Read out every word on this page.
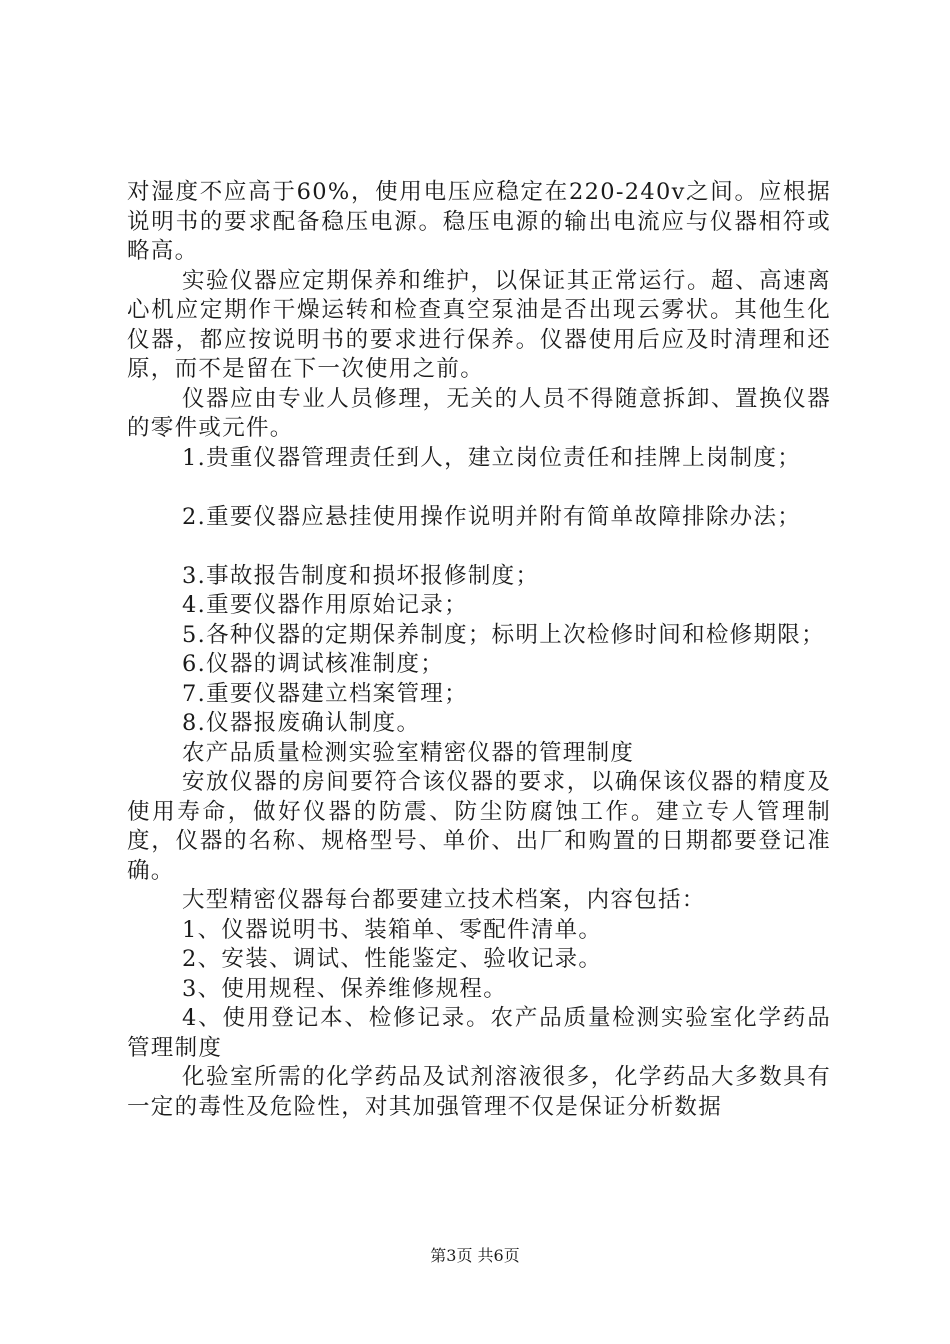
对湿度不应高于60%，使用电压应稳定在220-240v之间。应根据说明书的要求配备稳压电源。稳压电源的输出电流应与仪器相符或略高。

实验仪器应定期保养和维护，以保证其正常运行。超、高速离心机应定期作干燥运转和检查真空泵油是否出现云雾状。其他生化仪器，都应按说明书的要求进行保养。仪器使用后应及时清理和还原，而不是留在下一次使用之前。

仪器应由专业人员修理，无关的人员不得随意拆卸、置换仪器的零件或元件。

1.贵重仪器管理责任到人，建立岗位责任和挂牌上岗制度；

2.重要仪器应悬挂使用操作说明并附有简单故障排除办法；

3.事故报告制度和损坏报修制度；

4.重要仪器作用原始记录；

5.各种仪器的定期保养制度；标明上次检修时间和检修期限；

6.仪器的调试核准制度；

7.重要仪器建立档案管理；

8.仪器报废确认制度。

农产品质量检测实验室精密仪器的管理制度

安放仪器的房间要符合该仪器的要求，以确保该仪器的精度及使用寿命，做好仪器的防震、防尘防腐蚀工作。建立专人管理制度，仪器的名称、规格型号、单价、出厂和购置的日期都要登记准确。

大型精密仪器每台都要建立技术档案，内容包括：

1、仪器说明书、装箱单、零配件清单。

2、安装、调试、性能鉴定、验收记录。

3、使用规程、保养维修规程。

4、使用登记本、检修记录。农产品质量检测实验室化学药品管理制度

化验室所需的化学药品及试剂溶液很多，化学药品大多数具有一定的毒性及危险性，对其加强管理不仅是保证分析数据

第3页 共6页
